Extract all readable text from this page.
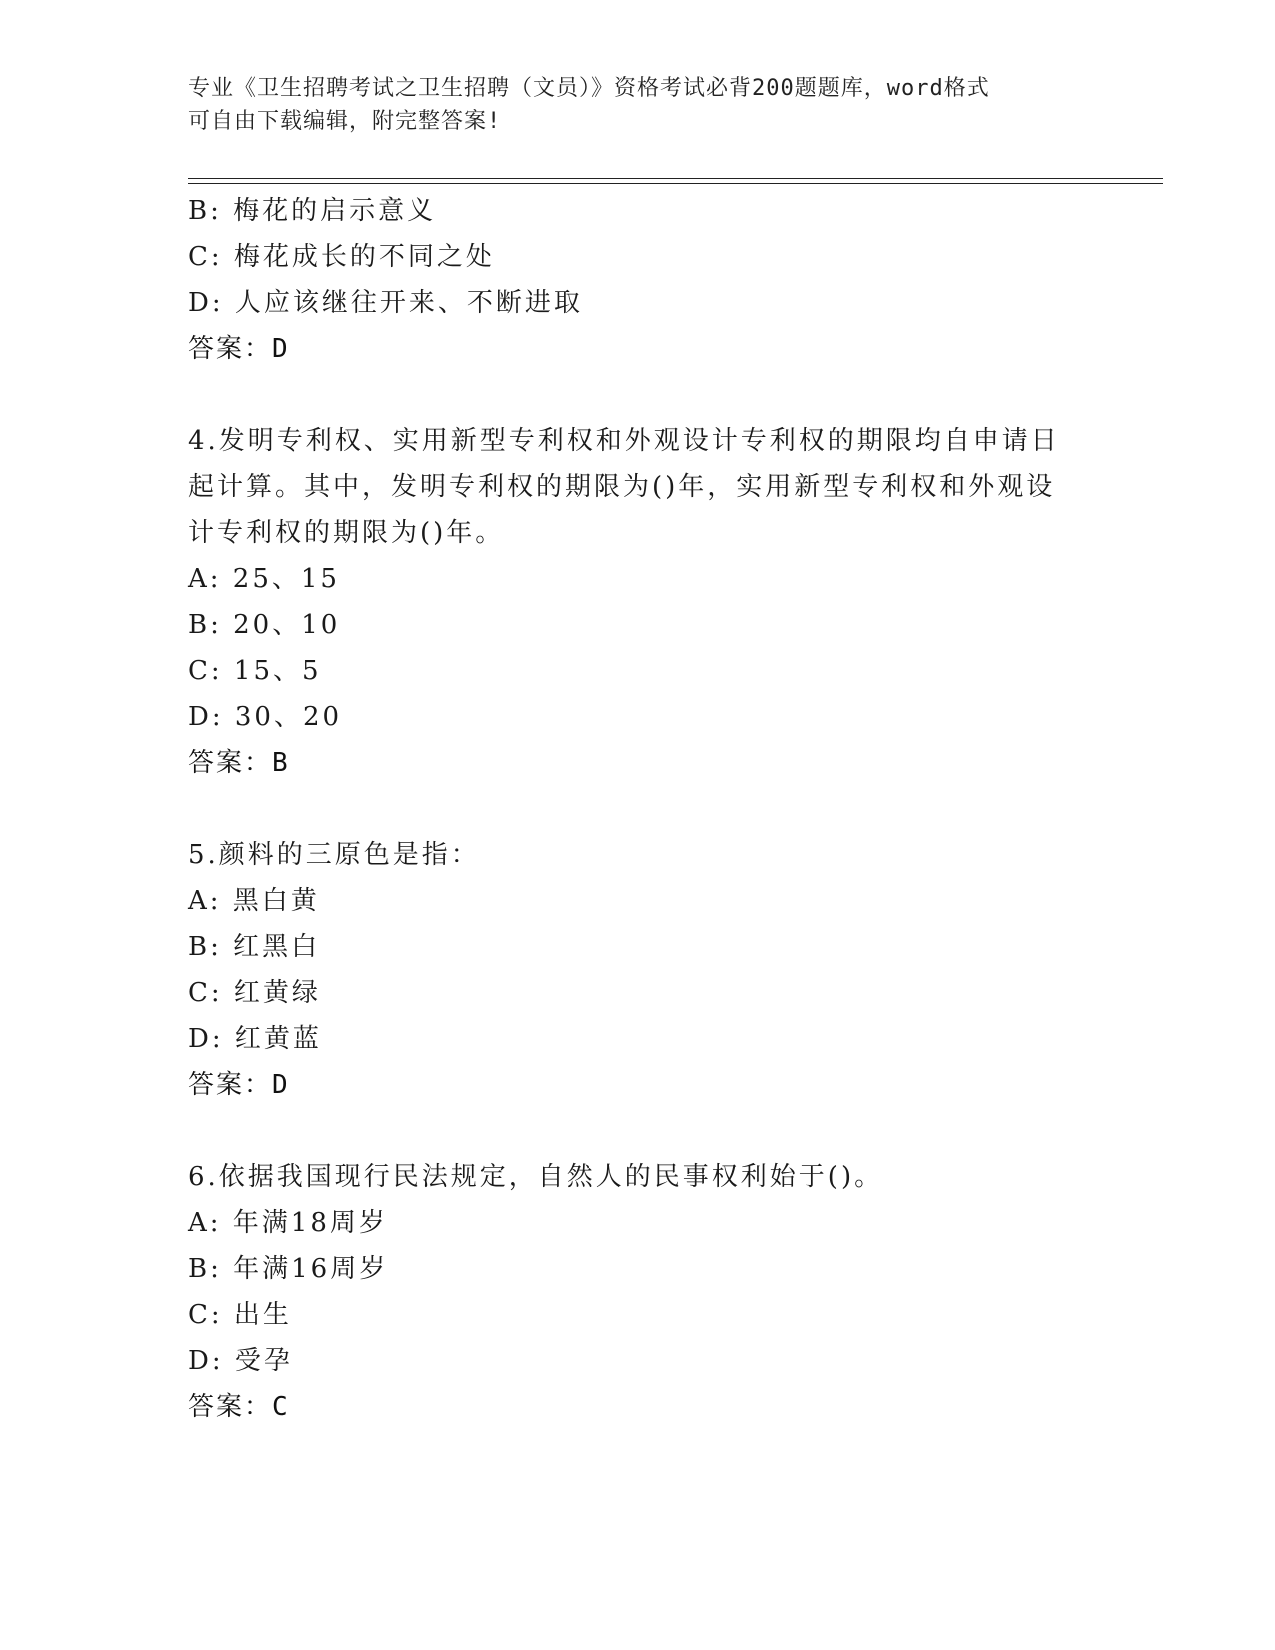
专业《卫生招聘考试之卫生招聘（文员）》资格考试必背200题题库，word格式
可自由下载编辑，附完整答案!
B: 梅花的启示意义
C: 梅花成长的不同之处
D: 人应该继往开来、不断进取
答案：D
4.发明专利权、实用新型专利权和外观设计专利权的期限均自申请日
起计算。其中，发明专利权的期限为()年，实用新型专利权和外观设
计专利权的期限为()年。
A: 25、15
B: 20、10
C: 15、5
D: 30、20
答案：B
5.颜料的三原色是指：
A: 黑白黄
B: 红黑白
C: 红黄绿
D: 红黄蓝
答案：D
6.依据我国现行民法规定，自然人的民事权利始于()。
A: 年满18周岁
B: 年满16周岁
C: 出生
D: 受孕
答案：C
